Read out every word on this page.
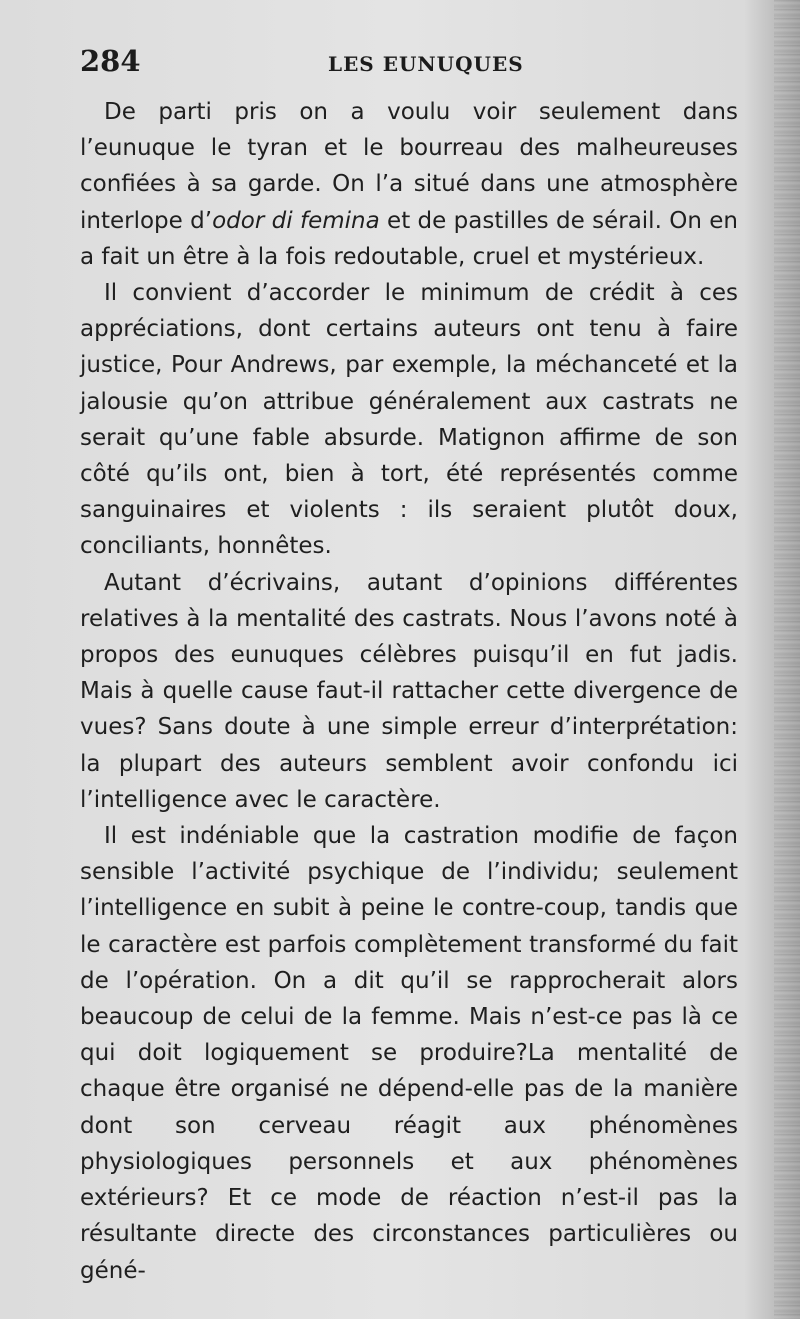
284	LES EUNUQUES

De parti pris on a voulu voir seulement dans l’eunuque le tyran et le bourreau des malheureuses confiées à sa garde. On l’a situé dans une atmosphère interlope d’odor di femina et de pastilles de sérail. On en a fait un être à la fois redoutable, cruel et mystérieux.

Il convient d’accorder le minimum de crédit à ces appréciations, dont certains auteurs ont tenu à faire justice, Pour Andrews, par exemple, la méchanceté et la jalousie qu’on attribue généralement aux castrats ne serait qu’une fable absurde. Matignon affirme de son côté qu’ils ont, bien à tort, été représentés comme sanguinaires et violents : ils seraient plutôt doux, conciliants, honnêtes.

Autant d’écrivains, autant d’opinions différentes relatives à la mentalité des castrats. Nous l’avons noté à propos des eunuques célèbres puisqu’il en fut jadis. Mais à quelle cause faut-il rattacher cette divergence de vues? Sans doute à une simple erreur d’interprétation: la plupart des auteurs semblent avoir confondu ici l’intelligence avec le caractère.

Il est indéniable que la castration modifie de façon sensible l’activité psychique de l’individu; seulement l’intelligence en subit à peine le contre-coup, tandis que le caractère est parfois complètement transformé du fait de l’opération. On a dit qu’il se rapprocherait alors beaucoup de celui de la femme. Mais n’est-ce pas là ce qui doit logiquement se produire?La mentalité de chaque être organisé ne dépend-elle pas de la manière dont son cerveau réagit aux phénomènes physiologiques personnels et aux phénomènes extérieurs? Et ce mode de réaction n’est-il pas la résultante directe des circonstances particulières ou géné-
